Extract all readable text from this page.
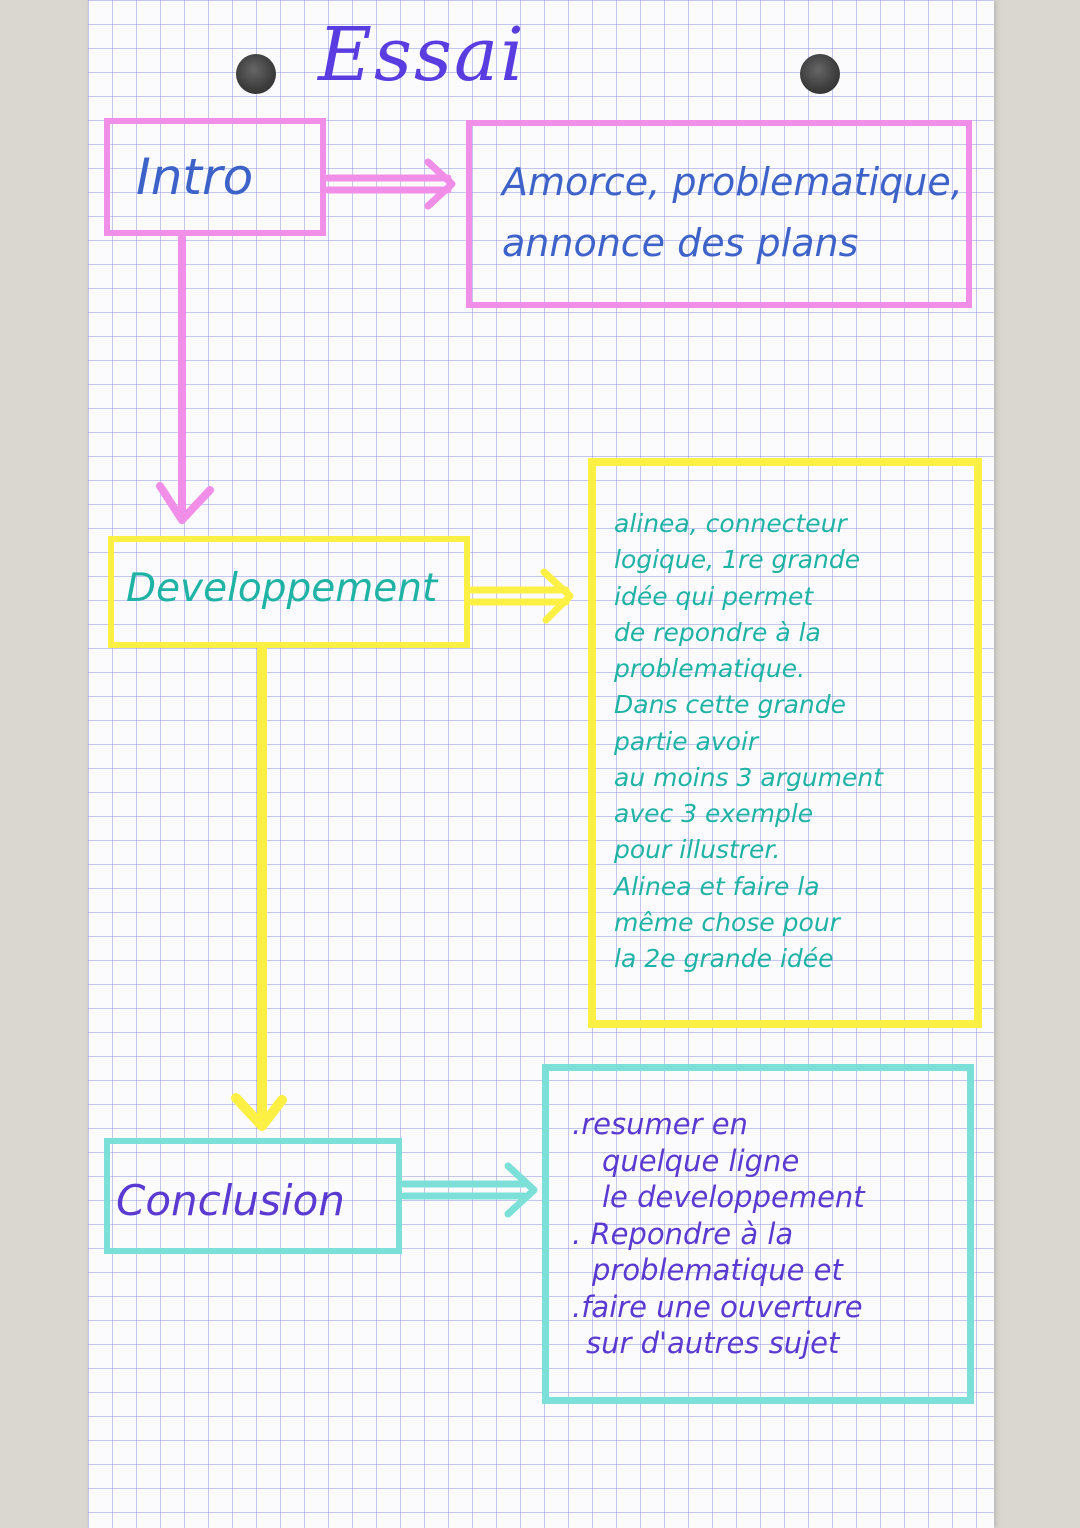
Essai
Intro	Amorce, problematique,
annonce des plans
Developpement
alinea, connecteur
logique, 1re grande
idée qui permet
de repondre à la
problematique.
Dans cette grande
partie avoir
au moins 3 argument
avec 3 exemple
pour illustrer.
Alinea et faire la
même chose pour
la 2e grande idée
Conclusion
.resumer en
quelque ligne
le developpement
. Repondre à la
problematique et
.faire une ouverture
sur d'autres sujet
